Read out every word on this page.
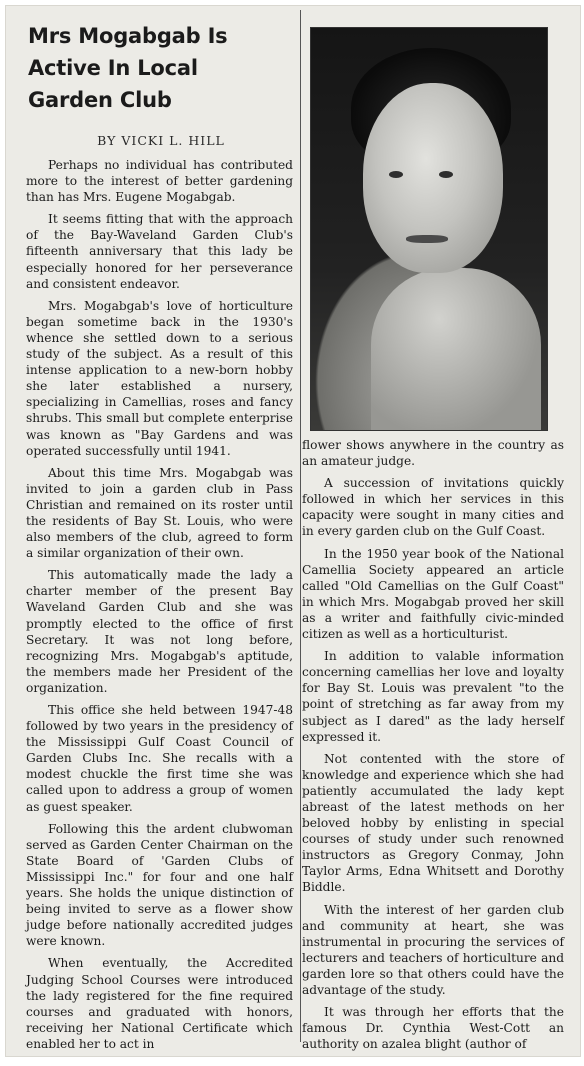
Mrs Mogabgab Is
Active In Local
Garden Club
BY VICKI L. HILL

Perhaps no individual has contributed more to the interest of better gardening than has Mrs. Eugene Mogabgab.

It seems fitting that with the approach of the Bay-Waveland Garden Club's fifteenth anniversary that this lady be especially honored for her perseverance and consistent endeavor.

Mrs. Mogabgab's love of horticulture began sometime back in the 1930's whence she settled down to a serious study of the subject. As a result of this intense application to a new-born hobby she later established a nursery, specializing in Camellias, roses and fancy shrubs. This small but complete enterprise was known as "Bay Gardens and was operated successfully until 1941.

About this time Mrs. Mogabgab was invited to join a garden club in Pass Christian and remained on its roster until the residents of Bay St. Louis, who were also members of the club, agreed to form a similar organization of their own.

This automatically made the lady a charter member of the present Bay Waveland Garden Club and she was promptly elected to the office of first Secretary. It was not long before, recognizing Mrs. Mogabgab's aptitude, the members made her President of the organization.

This office she held between 1947-48 followed by two years in the presidency of the Mississippi Gulf Coast Council of Garden Clubs Inc. She recalls with a modest chuckle the first time she was called upon to address a group of women as guest speaker.

Following this the ardent clubwoman served as Garden Center Chairman on the State Board of 'Garden Clubs of Mississippi Inc." for four and one half years. She holds the unique distinction of being invited to serve as a flower show judge before nationally accredited judges were known.

When eventually, the Accredited Judging School Courses were introduced the lady registered for the fine required courses and graduated with honors, receiving her National Certificate which enabled her to act in

flower shows anywhere in the country as an amateur judge.

A succession of invitations quickly followed in which her services in this capacity were sought in many cities and in every garden club on the Gulf Coast.

In the 1950 year book of the National Camellia Society appeared an article called "Old Camellias on the Gulf Coast" in which Mrs. Mogabgab proved her skill as a writer and faithfully civic-minded citizen as well as a horticulturist.

In addition to valable information concerning camellias her love and loyalty for Bay St. Louis was prevalent "to the point of stretching as far away from my subject as I dared" as the lady herself expressed it.

Not contented with the store of knowledge and experience which she had patiently accumulated the lady kept abreast of the latest methods on her beloved hobby by enlisting in special courses of study under such renowned instructors as Gregory Conmay, John Taylor Arms, Edna Whitsett and Dorothy Biddle.

With the interest of her garden club and community at heart, she was instrumental in procuring the services of lecturers and teachers of horticulture and garden lore so that others could have the advantage of the study.

It was through her efforts that the famous Dr. Cynthia West-Cott an authority on azalea blight (author of
